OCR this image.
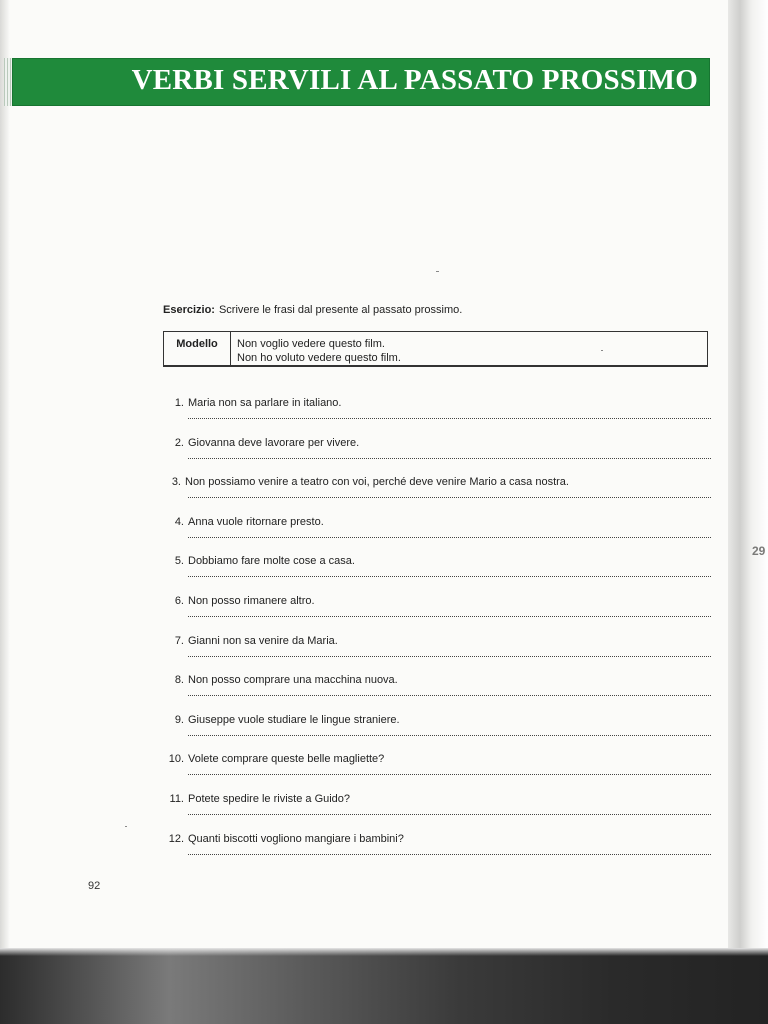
VERBI SERVILI AL PASSATO PROSSIMO
Esercizio: Scrivere le frasi dal presente al passato prossimo.
Modello	Non voglio vedere questo film.
Non ho voluto vedere questo film.
1. Maria non sa parlare in italiano.
2. Giovanna deve lavorare per vivere.
3. Non possiamo venire a teatro con voi, perché deve venire Mario a casa nostra.
4. Anna vuole ritornare presto.
5. Dobbiamo fare molte cose a casa.
6. Non posso rimanere altro.
7. Gianni non sa venire da Maria.
8. Non posso comprare una macchina nuova.
9. Giuseppe vuole studiare le lingue straniere.
10. Volete comprare queste belle magliette?
11. Potete spedire le riviste a Guido?
12. Quanti biscotti vogliono mangiare i bambini?
92
29
